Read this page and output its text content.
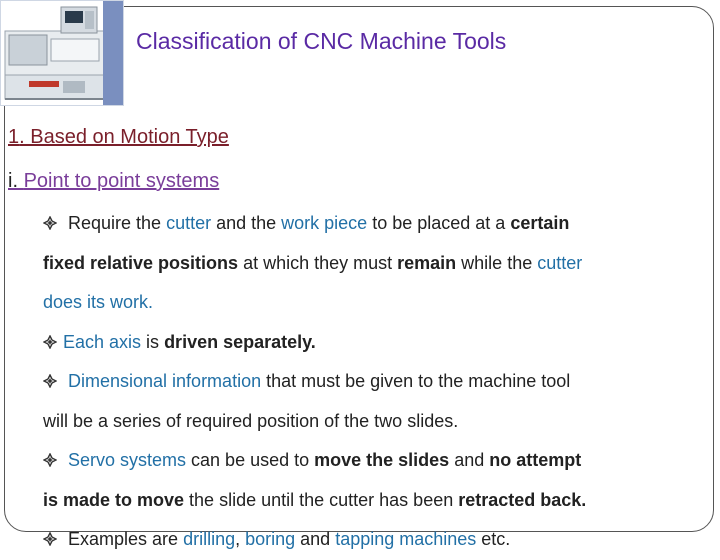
Classification of CNC Machine Tools
1. Based on Motion Type
i. Point to point systems
Require the cutter and the work piece to be placed at a certain
fixed relative positions at which they must remain while the cutter
does its work.
Each axis is driven separately.
Dimensional information that must be given to the machine tool
will be a series of required position of the two slides.
Servo systems can be used to move the slides and no attempt
is made to move the slide until the cutter has been retracted back.
Examples are drilling, boring and tapping machines etc.
